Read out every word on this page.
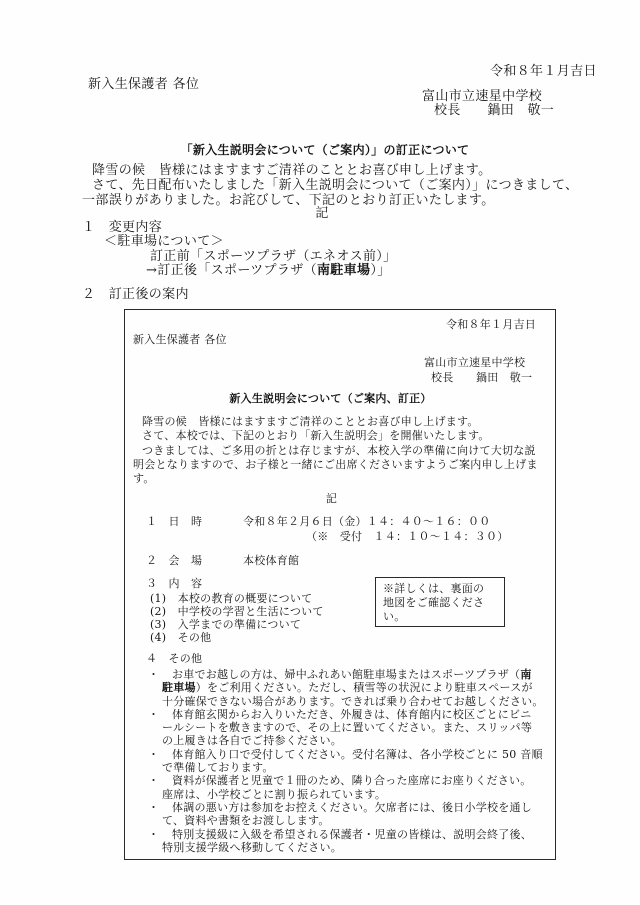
令和８年１月吉日
新入生保護者 各位
富山市立速星中学校
校長　　鍋田　敬一
「新入生説明会について（ご案内）」の訂正について
降雪の候　皆様にはますますご清祥のこととお喜び申し上げます。
さて、先日配布いたしました「新入生説明会について（ご案内）」につきまして、
一部誤りがありました。お詫びして、下記のとおり訂正いたします。
記
１　変更内容
＜駐車場について＞
訂正前「スポーツプラザ（エネオス前）」
→訂正後「スポーツプラザ（南駐車場）」
２　訂正後の案内
令和８年１月吉日
新入生保護者 各位
富山市立速星中学校
校長　　鍋田　敬一
新入生説明会について（ご案内、訂正）
降雪の候　皆様にはますますご清祥のこととお喜び申し上げます。
さて、本校では、下記のとおり「新入生説明会」を開催いたします。
つきましては、ご多用の折とは存じますが、本校入学の準備に向けて大切な説
明会となりますので、お子様と一緒にご出席くださいますようご案内申し上げま
す。
記
１　日　時	令和８年２月６日（金）１４：４０～１６：００
（※　受付　１４：１０～１４：３０）
２　会　場	本校体育館
３　内　容
(1)　本校の教育の概要について
(2)　中学校の学習と生活について
(3)　入学までの準備について
(4)　その他
※詳しくは、裏面の
地図をご確認くださ
い。
４　その他
・	お車でお越しの方は、婦中ふれあい館駐車場またはスポーツプラザ（南
駐車場）をご利用ください。ただし、積雪等の状況により駐車スペースが
十分確保できない場合があります。できれば乗り合わせてお越しください。
・	体育館玄関からお入りいただき、外履きは、体育館内に校区ごとにビニ
ールシートを敷きますので、その上に置いてください。また、スリッパ等
の上履きは各自でご持参ください。
・	体育館入り口で受付してください。受付名簿は、各小学校ごとに 50 音順
で準備しております。
・	資料が保護者と児童で１冊のため、隣り合った座席にお座りください。
座席は、小学校ごとに割り振られています。
・	体調の悪い方は参加をお控えください。欠席者には、後日小学校を通し
て、資料や書類をお渡しします。
・	特別支援級に入級を希望される保護者・児童の皆様は、説明会終了後、
特別支援学級へ移動してください。
